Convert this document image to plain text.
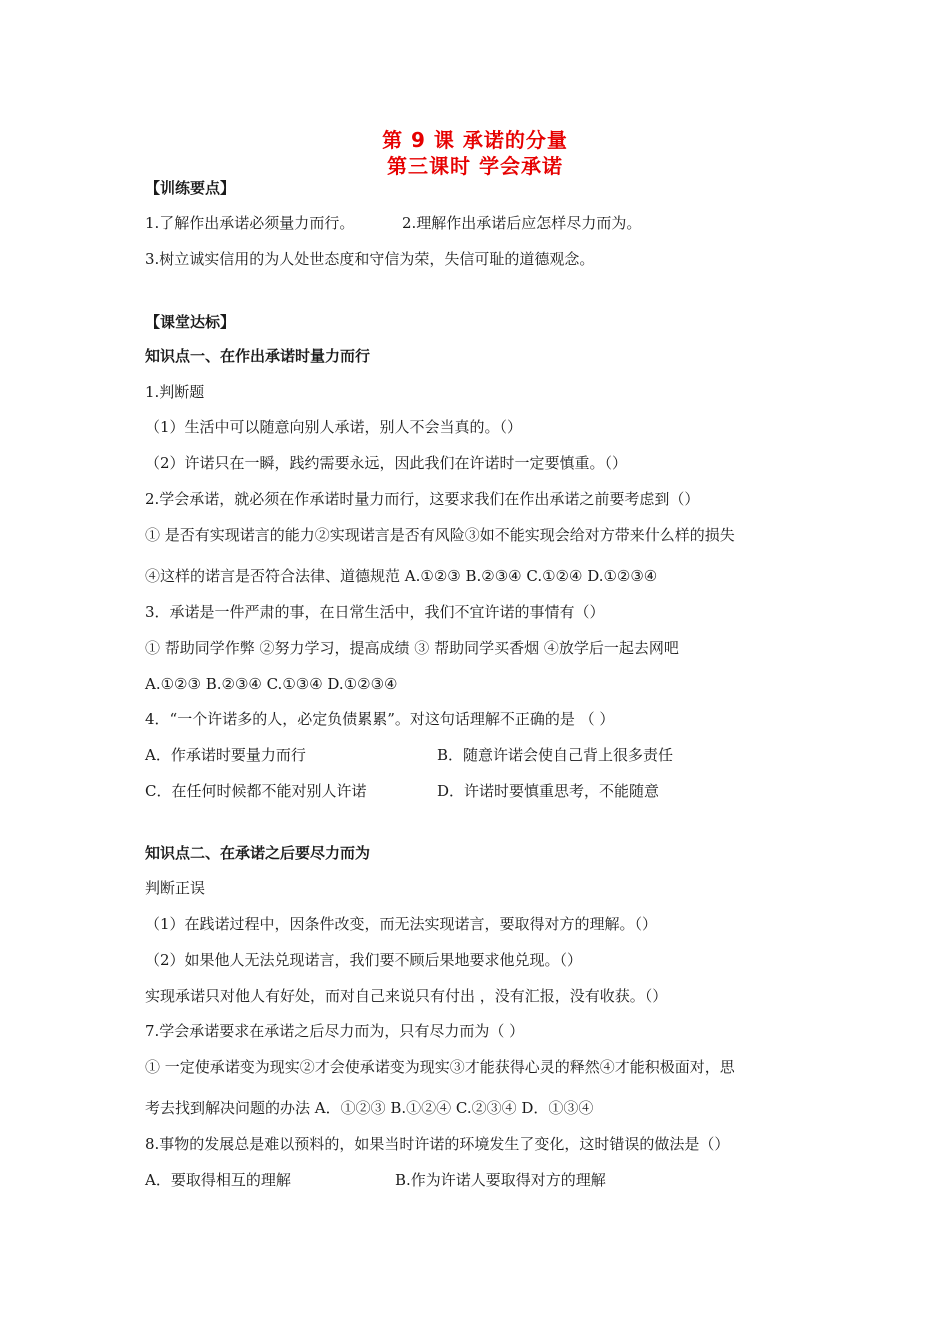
第 9 课 承诺的分量
第三课时 学会承诺
【训练要点】
1.了解作出承诺必须量力而行。	2.理解作出承诺后应怎样尽力而为。
3.树立诚实信用的为人处世态度和守信为荣，失信可耻的道德观念。
【课堂达标】
知识点一、在作出承诺时量力而行
1.判断题
（1）生活中可以随意向别人承诺，别人不会当真的。（）
（2）许诺只在一瞬，践约需要永远，因此我们在许诺时一定要慎重。（）
2.学会承诺，就必须在作承诺时量力而行，这要求我们在作出承诺之前要考虑到（）
① 是否有实现诺言的能力②实现诺言是否有风险③如不能实现会给对方带来什么样的损失
④这样的诺言是否符合法律、道德规范 A.①②③ B.②③④ C.①②④ D.①②③④
3．承诺是一件严肃的事，在日常生活中，我们不宜许诺的事情有（）
① 帮助同学作弊 ②努力学习，提高成绩 ③ 帮助同学买香烟 ④放学后一起去网吧
A.①②③ B.②③④ C.①③④ D.①②③④
4．“一个许诺多的人，必定负债累累”。对这句话理解不正确的是 （ ）
A．作承诺时要量力而行	B．随意许诺会使自己背上很多责任
C．在任何时候都不能对别人许诺	D．许诺时要慎重思考，不能随意
知识点二、在承诺之后要尽力而为
判断正误
（1）在践诺过程中，因条件改变，而无法实现诺言，要取得对方的理解。（）
（2）如果他人无法兑现诺言，我们要不顾后果地要求他兑现。（）
实现承诺只对他人有好处，而对自己来说只有付出 ，没有汇报，没有收获。（）
7.学会承诺要求在承诺之后尽力而为，只有尽力而为（ ）
① 一定使承诺变为现实②才会使承诺变为现实③才能获得心灵的释然④才能积极面对，思
考去找到解决问题的办法 A．①②③ B.①②④ C.②③④ D．①③④
8.事物的发展总是难以预料的，如果当时许诺的环境发生了变化，这时错误的做法是（）
A．要取得相互的理解	B.作为许诺人要取得对方的理解
